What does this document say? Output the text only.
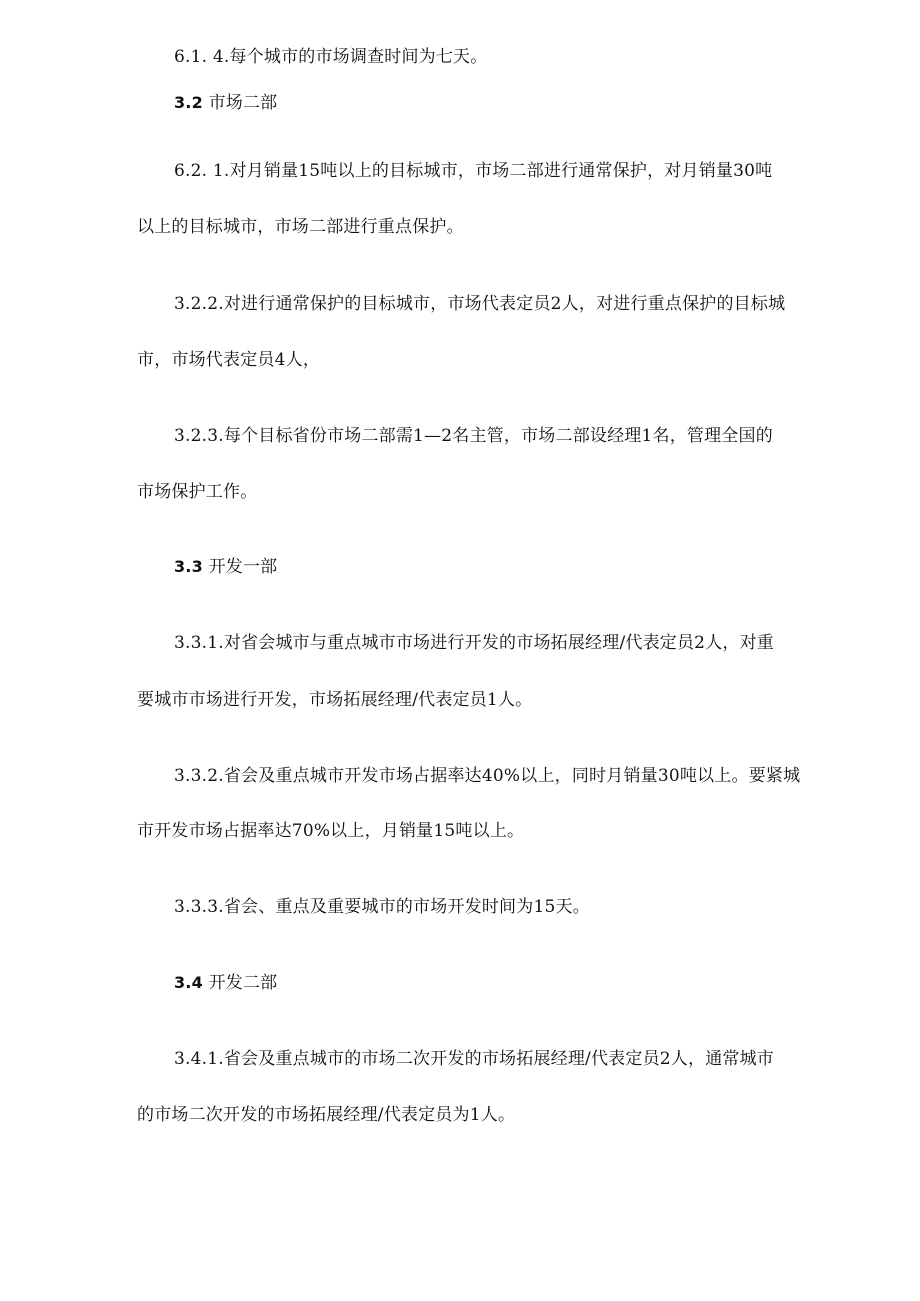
6.1. 4.每个城市的市场调查时间为七天。
3.2 市场二部
6.2. 1.对月销量15吨以上的目标城市，市场二部进行通常保护，对月销量30吨
以上的目标城市，市场二部进行重点保护。
3.2.2.对进行通常保护的目标城市，市场代表定员2人，对进行重点保护的目标城
市，市场代表定员4人，
3.2.3.每个目标省份市场二部需1—2名主管，市场二部设经理1名，管理全国的
市场保护工作。
3.3 开发一部
3.3.1.对省会城市与重点城市市场进行开发的市场拓展经理/代表定员2人，对重
要城市市场进行开发，市场拓展经理/代表定员1人。
3.3.2.省会及重点城市开发市场占据率达40%以上，同时月销量30吨以上。要紧城
市开发市场占据率达70%以上，月销量15吨以上。
3.3.3.省会、重点及重要城市的市场开发时间为15天。
3.4 开发二部
3.4.1.省会及重点城市的市场二次开发的市场拓展经理/代表定员2人，通常城市
的市场二次开发的市场拓展经理/代表定员为1人。
